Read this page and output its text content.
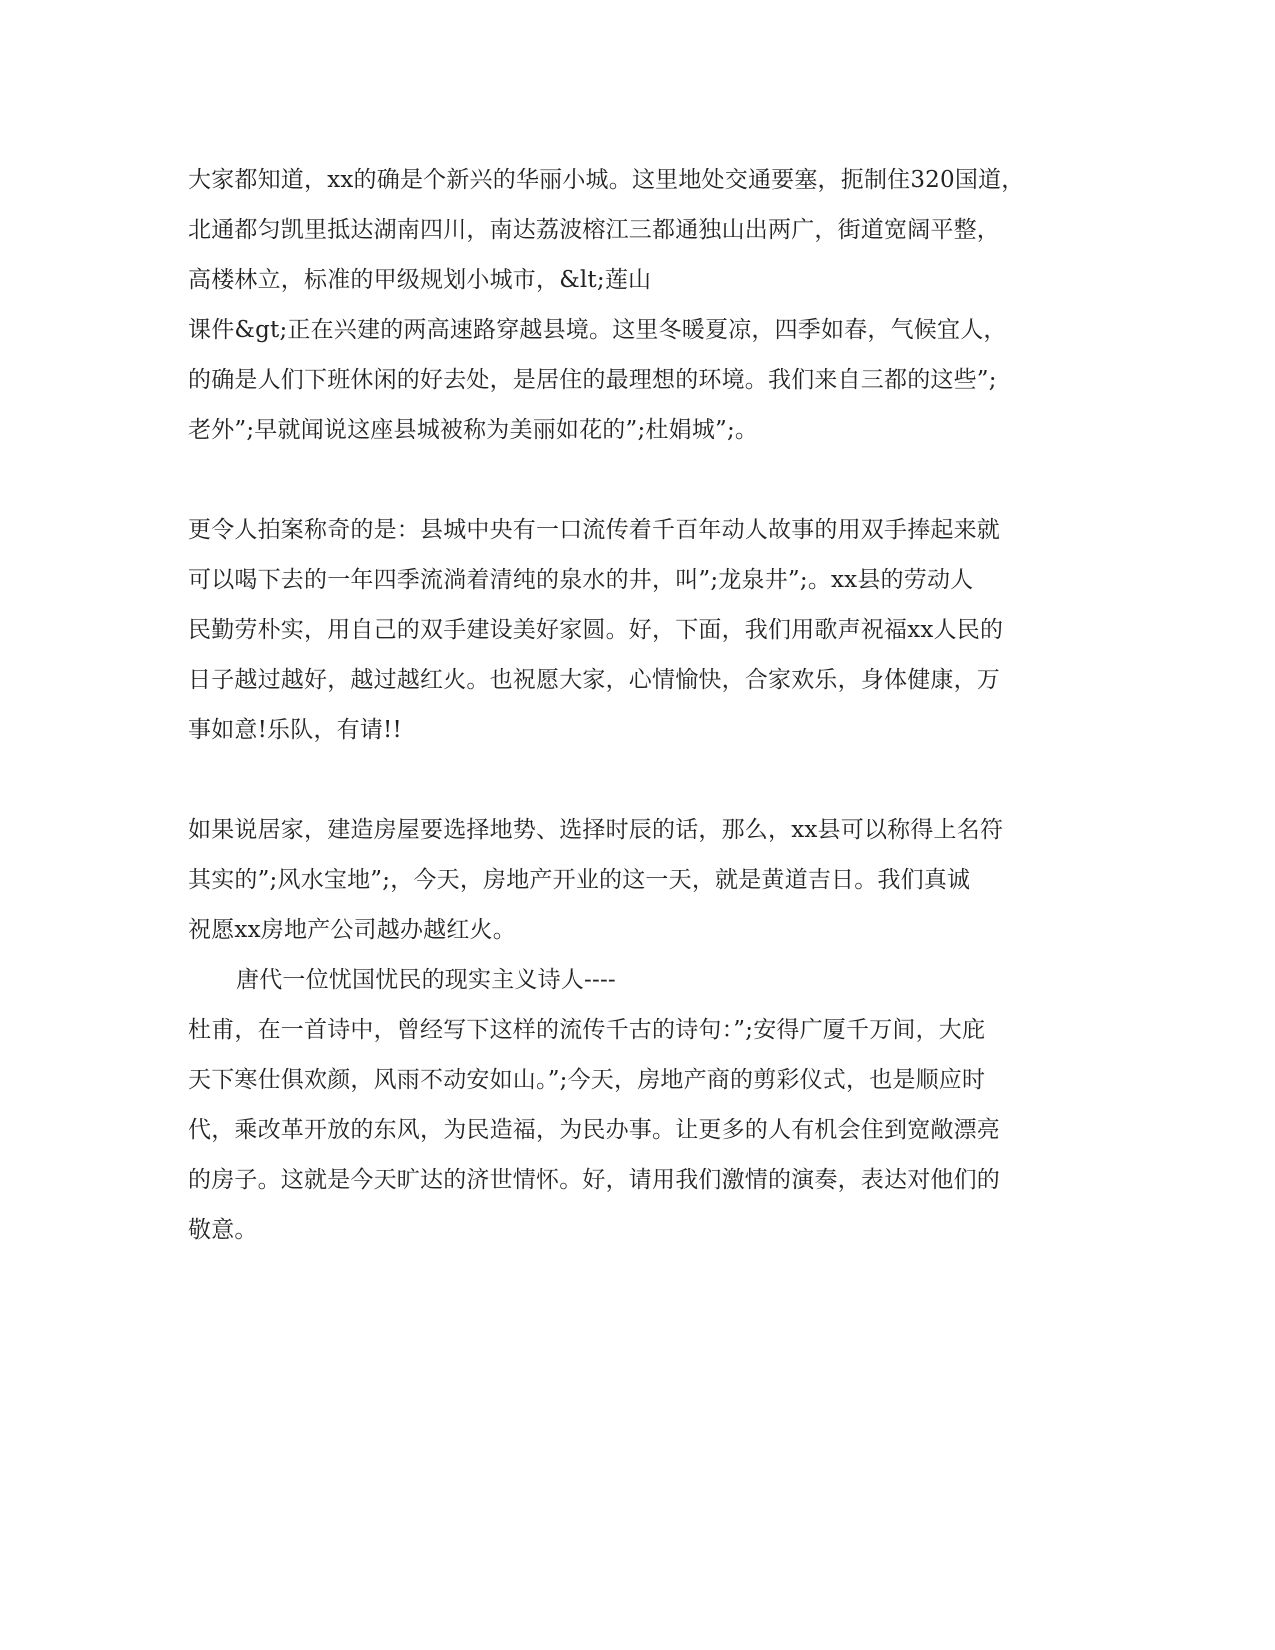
大家都知道，xx的确是个新兴的华丽小城。这里地处交通要塞，扼制住320国道，
北通都匀凯里抵达湖南四川，南达荔波榕江三都通独山出两广，街道宽阔平整，
高楼林立，标准的甲级规划小城市，&lt;莲山
课件&gt;正在兴建的两高速路穿越县境。这里冬暖夏凉，四季如春，气候宜人，
的确是人们下班休闲的好去处，是居住的最理想的环境。我们来自三都的这些”;
老外”;早就闻说这座县城被称为美丽如花的”;杜娟城”;。
更令人拍案称奇的是：县城中央有一口流传着千百年动人故事的用双手捧起来就
可以喝下去的一年四季流淌着清纯的泉水的井，叫”;龙泉井”;。xx县的劳动人
民勤劳朴实，用自己的双手建设美好家圆。好，下面，我们用歌声祝福xx人民的
日子越过越好，越过越红火。也祝愿大家，心情愉快，合家欢乐，身体健康，万
事如意!乐队，有请!!
如果说居家，建造房屋要选择地势、选择时辰的话，那么，xx县可以称得上名符
其实的”;风水宝地”;，今天，房地产开业的这一天，就是黄道吉日。我们真诚
祝愿xx房地产公司越办越红火。
唐代一位忧国忧民的现实主义诗人----
杜甫，在一首诗中，曾经写下这样的流传千古的诗句：”;安得广厦千万间，大庇
天下寒仕俱欢颜，风雨不动安如山。”;今天，房地产商的剪彩仪式，也是顺应时
代，乘改革开放的东风，为民造福，为民办事。让更多的人有机会住到宽敞漂亮
的房子。这就是今天旷达的济世情怀。好，请用我们激情的演奏，表达对他们的
敬意。
